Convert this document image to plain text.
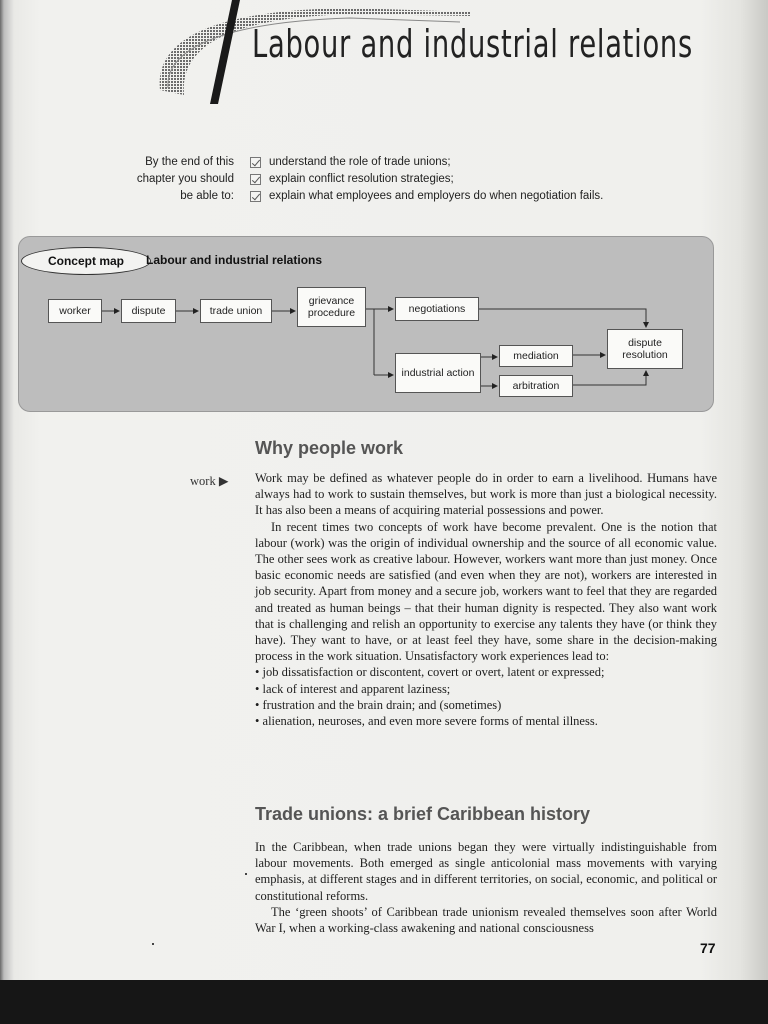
Labour and industrial relations
By the end of this chapter you should be able to:
understand the role of trade unions;
explain conflict resolution strategies;
explain what employees and employers do when negotiation fails.
Concept map	Labour and industrial relations
worker	dispute	trade union
grievance procedure	negotiations
industrial action
mediation
arbitration
dispute resolution
Why people work
work ▶ Work may be defined as whatever people do in order to earn a livelihood. Humans have always had to work to sustain themselves, but work is more than just a biological necessity. It has also been a means of acquiring material possessions and power.

In recent times two concepts of work have become prevalent. One is the notion that labour (work) was the origin of individual ownership and the source of all economic value. The other sees work as creative labour. However, workers want more than just money. Once basic economic needs are satisfied (and even when they are not), workers are interested in job security. Apart from money and a secure job, workers want to feel that they are regarded and treated as human beings – that their human dignity is respected. They also want work that is challenging and relish an opportunity to exercise any talents they have (or think they have). They want to have, or at least feel they have, some share in the decision-making process in the work situation. Unsatisfactory work experiences lead to:

• job dissatisfaction or discontent, covert or overt, latent or expressed;
• lack of interest and apparent laziness;
• frustration and the brain drain; and (sometimes)
• alienation, neuroses, and even more severe forms of mental illness.
Trade unions: a brief Caribbean history

In the Caribbean, when trade unions began they were virtually indistinguishable from labour movements. Both emerged as single anticolonial mass movements with varying emphasis, at different stages and in different territories, on social, economic, and political or constitutional reforms.

The ‘green shoots’ of Caribbean trade unionism revealed themselves soon after World War I, when a working-class awakening and national consciousness

77
